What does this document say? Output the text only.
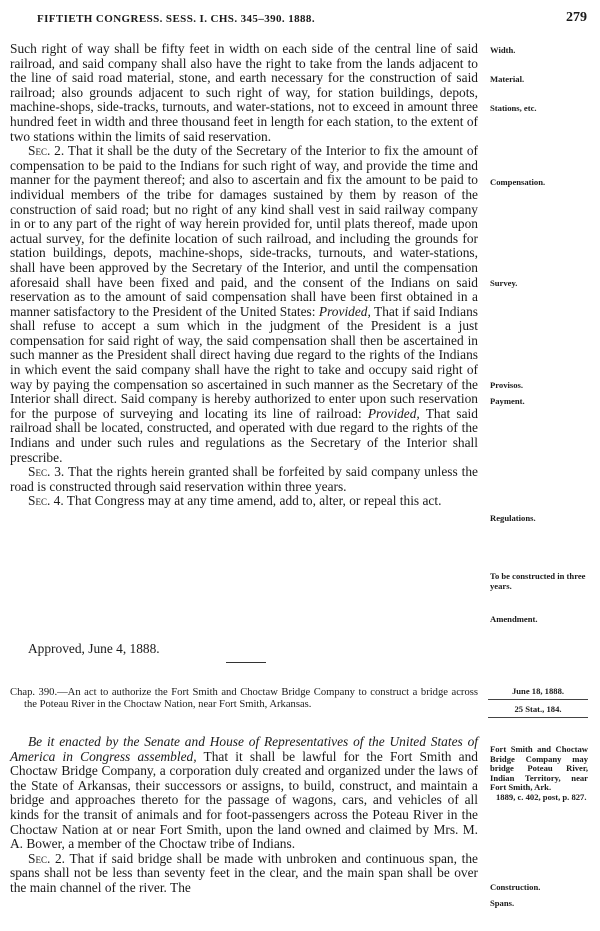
FIFTIETH CONGRESS. SESS. I. CHS. 345–390. 1888.	279

Such right of way shall be fifty feet in width on each side of the central line of said railroad, and said company shall also have the right to take from the lands adjacent to the line of said road material, stone, and earth necessary for the construction of said railroad; also grounds adjacent to such right of way, for station buildings, depots, machine-shops, side-tracks, turnouts, and water-stations, not to exceed in amount three hundred feet in width and three thousand feet in length for each station, to the extent of two stations within the limits of said reservation.

Sec. 2. That it shall be the duty of the Secretary of the Interior to fix the amount of compensation to be paid to the Indians for such right of way, and provide the time and manner for the payment thereof; and also to ascertain and fix the amount to be paid to individual members of the tribe for damages sustained by them by reason of the construction of said road; but no right of any kind shall vest in said railway company in or to any part of the right of way herein provided for, until plats thereof, made upon actual survey, for the definite location of such railroad, and including the grounds for station buildings, depots, machine-shops, side-tracks, turnouts, and water-stations, shall have been approved by the Secretary of the Interior, and until the compensation aforesaid shall have been fixed and paid, and the consent of the Indians on said reservation as to the amount of said compensation shall have been first obtained in a manner satisfactory to the President of the United States: Provided, That if said Indians shall refuse to accept a sum which in the judgment of the President is a just compensation for said right of way, the said compensation shall then be ascertained in such manner as the President shall direct having due regard to the rights of the Indians in which event the said company shall have the right to take and occupy said right of way by paying the compensation so ascertained in such manner as the Secretary of the Interior shall direct. Said company is hereby authorized to enter upon such reservation for the purpose of surveying and locating its line of railroad: Provided, That said railroad shall be located, constructed, and operated with due regard to the rights of the Indians and under such rules and regulations as the Secretary of the Interior shall prescribe.

Sec. 3. That the rights herein granted shall be forfeited by said company unless the road is constructed through said reservation within three years.

Sec. 4. That Congress may at any time amend, add to, alter, or repeal this act.

Approved, June 4, 1888.

Chap. 390.—An act to authorize the Fort Smith and Choctaw Bridge Company to construct a bridge across the Poteau River in the Choctaw Nation, near Fort Smith, Arkansas.

June 18, 1888.
25 Stat., 184.

Be it enacted by the Senate and House of Representatives of the United States of America in Congress assembled, That it shall be lawful for the Fort Smith and Choctaw Bridge Company, a corporation duly created and organized under the laws of the State of Arkansas, their successors or assigns, to build, construct, and maintain a bridge and approaches thereto for the passage of wagons, cars, and vehicles of all kinds for the transit of animals and for foot-passengers across the Poteau River in the Choctaw Nation at or near Fort Smith, upon the land owned and claimed by Mrs. M. A. Bower, a member of the Choctaw tribe of Indians.

Sec. 2. That if said bridge shall be made with unbroken and continuous span, the spans shall not be less than seventy feet in the clear, and the main span shall be over the main channel of the river. The

Width.
Material.
Stations, etc.
Compensation.
Survey.
Provisos.
Payment.
Regulations.
To be constructed in three years.
Amendment.
Fort Smith and Choctaw Bridge Company may bridge Poteau River, Indian Territory, near Fort Smith, Ark.
1889, c. 402, post, p. 827.
Construction.
Spans.
